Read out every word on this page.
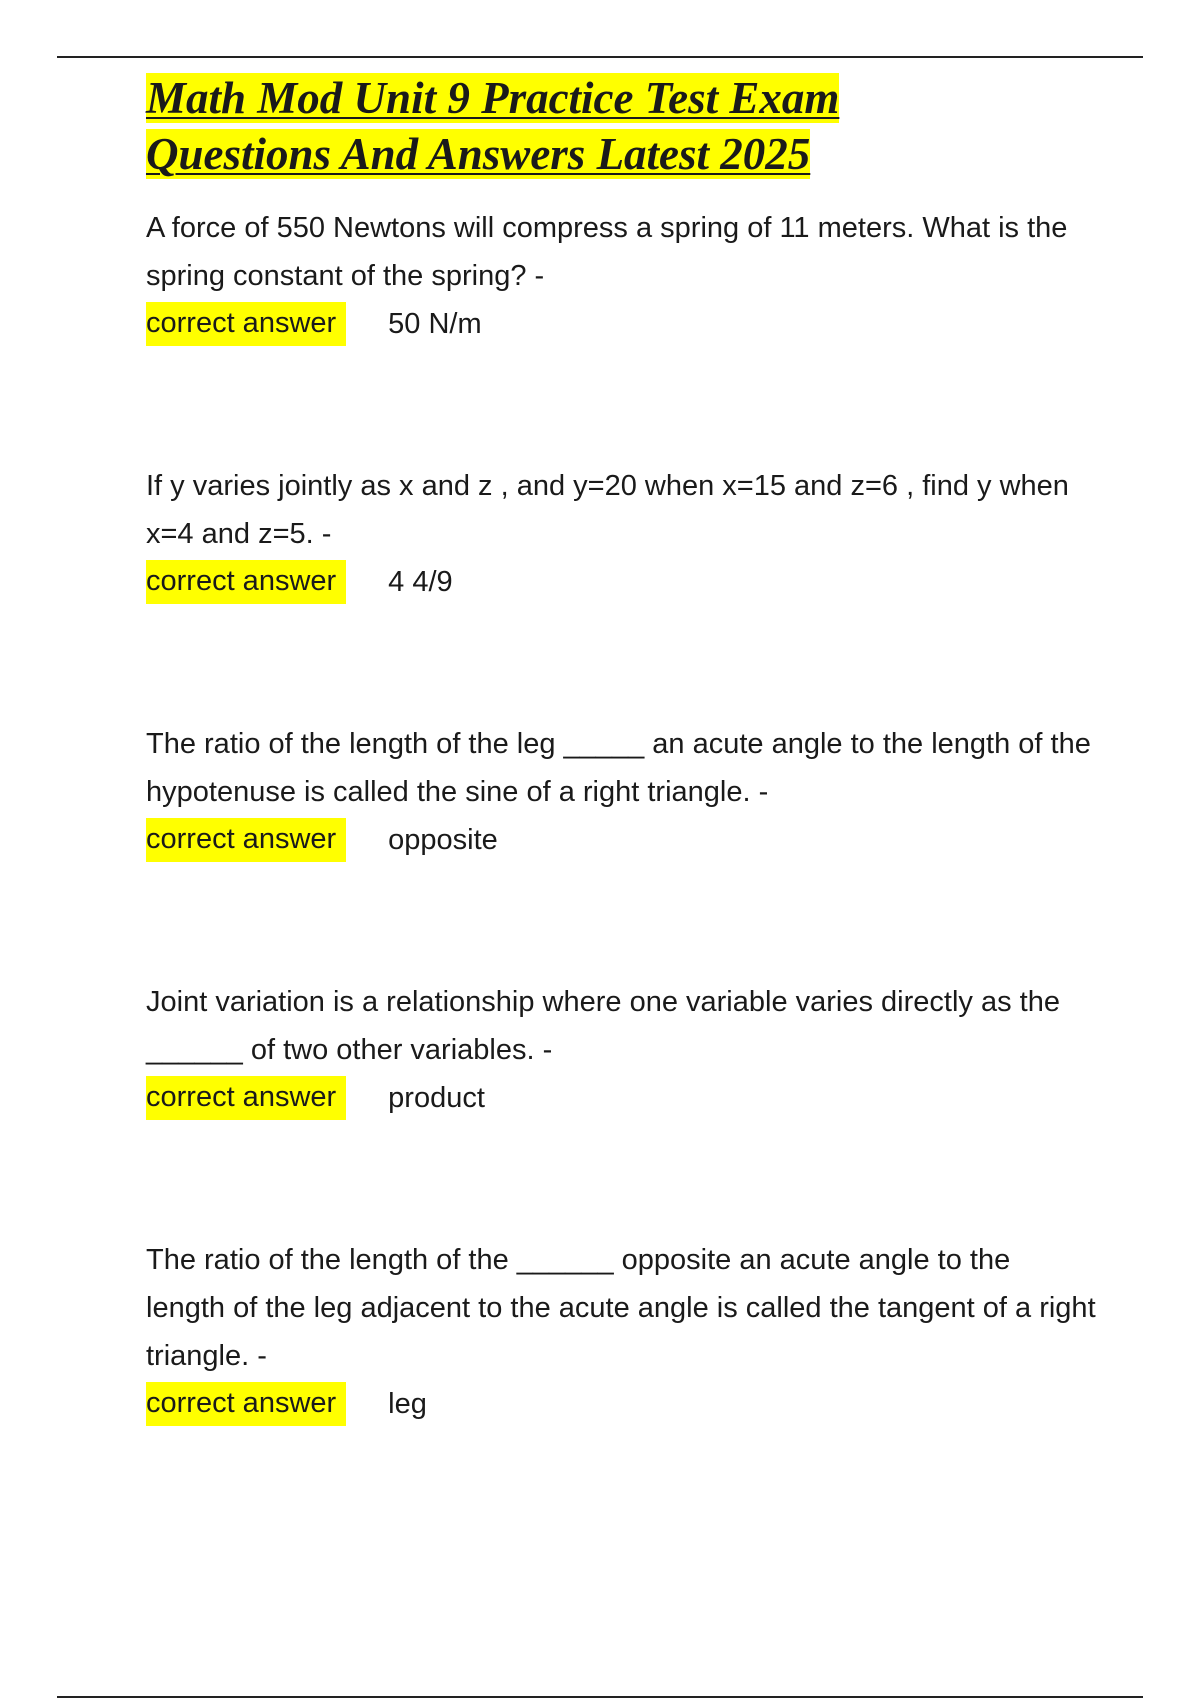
Math Mod Unit 9 Practice Test Exam
Questions And Answers Latest 2025

A force of 550 Newtons will compress a spring of 11 meters. What is the spring constant of the spring? -

correct answer	50 N/m

If y varies jointly as x and z , and y=20 when x=15 and z=6 , find y when x=4 and z=5. -

correct answer	4 4/9

The ratio of the length of the leg _____ an acute angle to the length of the hypotenuse is called the sine of a right triangle. -

correct answer	opposite

Joint variation is a relationship where one variable varies directly as the ______ of two other variables. -

correct answer	product

The ratio of the length of the ______ opposite an acute angle to the length of the leg adjacent to the acute angle is called the tangent of a right triangle. -

correct answer	leg
